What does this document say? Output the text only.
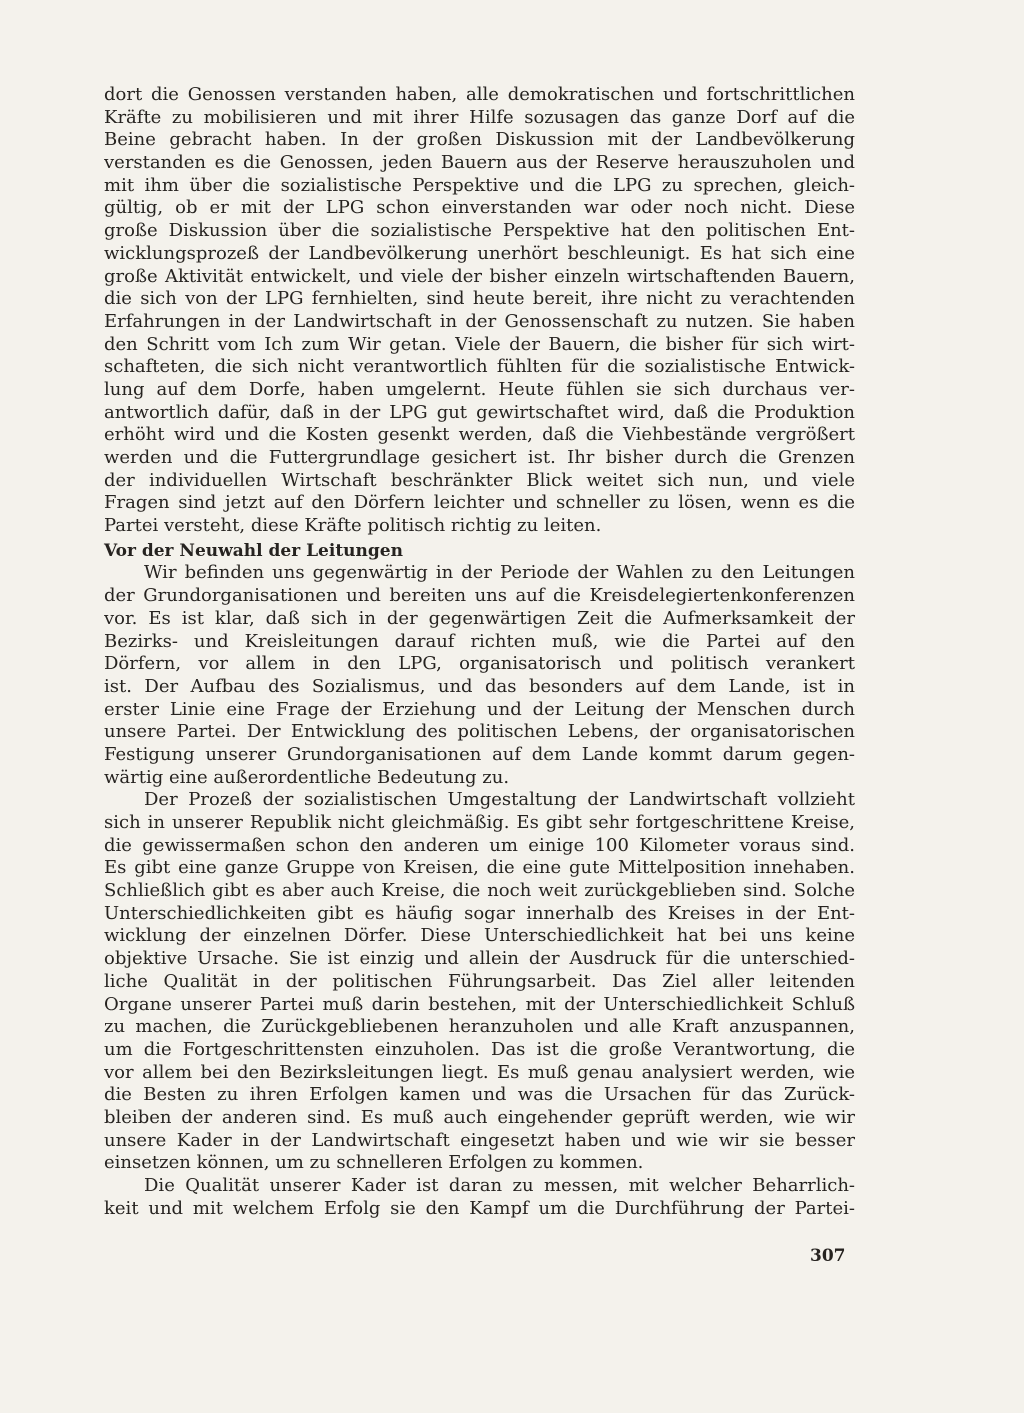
dort die Genossen verstanden haben, alle demokratischen und fortschrittlichen
Kräfte zu mobilisieren und mit ihrer Hilfe sozusagen das ganze Dorf auf die
Beine gebracht haben. In der großen Diskussion mit der Landbevölkerung
verstanden es die Genossen, jeden Bauern aus der Reserve herauszuholen und
mit ihm über die sozialistische Perspektive und die LPG zu sprechen, gleich-
gültig, ob er mit der LPG schon einverstanden war oder noch nicht. Diese
große Diskussion über die sozialistische Perspektive hat den politischen Ent-
wicklungsprozeß der Landbevölkerung unerhört beschleunigt. Es hat sich eine
große Aktivität entwickelt, und viele der bisher einzeln wirtschaftenden Bauern,
die sich von der LPG fernhielten, sind heute bereit, ihre nicht zu verachtenden
Erfahrungen in der Landwirtschaft in der Genossenschaft zu nutzen. Sie haben
den Schritt vom Ich zum Wir getan. Viele der Bauern, die bisher für sich wirt-
schafteten, die sich nicht verantwortlich fühlten für die sozialistische Entwick-
lung auf dem Dorfe, haben umgelernt. Heute fühlen sie sich durchaus ver-
antwortlich dafür, daß in der LPG gut gewirtschaftet wird, daß die Produktion
erhöht wird und die Kosten gesenkt werden, daß die Viehbestände vergrößert
werden und die Futtergrundlage gesichert ist. Ihr bisher durch die Grenzen
der individuellen Wirtschaft beschränkter Blick weitet sich nun, und viele
Fragen sind jetzt auf den Dörfern leichter und schneller zu lösen, wenn es die
Partei versteht, diese Kräfte politisch richtig zu leiten.
Vor der Neuwahl der Leitungen
Wir befinden uns gegenwärtig in der Periode der Wahlen zu den Leitungen
der Grundorganisationen und bereiten uns auf die Kreisdelegiertenkonferenzen
vor. Es ist klar, daß sich in der gegenwärtigen Zeit die Aufmerksamkeit der
Bezirks- und Kreisleitungen darauf richten muß, wie die Partei auf den
Dörfern, vor allem in den LPG, organisatorisch und politisch verankert
ist. Der Aufbau des Sozialismus, und das besonders auf dem Lande, ist in
erster Linie eine Frage der Erziehung und der Leitung der Menschen durch
unsere Partei. Der Entwicklung des politischen Lebens, der organisatorischen
Festigung unserer Grundorganisationen auf dem Lande kommt darum gegen-
wärtig eine außerordentliche Bedeutung zu.
Der Prozeß der sozialistischen Umgestaltung der Landwirtschaft vollzieht
sich in unserer Republik nicht gleichmäßig. Es gibt sehr fortgeschrittene Kreise,
die gewissermaßen schon den anderen um einige 100 Kilometer voraus sind.
Es gibt eine ganze Gruppe von Kreisen, die eine gute Mittelposition innehaben.
Schließlich gibt es aber auch Kreise, die noch weit zurückgeblieben sind. Solche
Unterschiedlichkeiten gibt es häufig sogar innerhalb des Kreises in der Ent-
wicklung der einzelnen Dörfer. Diese Unterschiedlichkeit hat bei uns keine
objektive Ursache. Sie ist einzig und allein der Ausdruck für die unterschied-
liche Qualität in der politischen Führungsarbeit. Das Ziel aller leitenden
Organe unserer Partei muß darin bestehen, mit der Unterschiedlichkeit Schluß
zu machen, die Zurückgebliebenen heranzuholen und alle Kraft anzuspannen,
um die Fortgeschrittensten einzuholen. Das ist die große Verantwortung, die
vor allem bei den Bezirksleitungen liegt. Es muß genau analysiert werden, wie
die Besten zu ihren Erfolgen kamen und was die Ursachen für das Zurück-
bleiben der anderen sind. Es muß auch eingehender geprüft werden, wie wir
unsere Kader in der Landwirtschaft eingesetzt haben und wie wir sie besser
einsetzen können, um zu schnelleren Erfolgen zu kommen.
Die Qualität unserer Kader ist daran zu messen, mit welcher Beharrlich-
keit und mit welchem Erfolg sie den Kampf um die Durchführung der Partei-
307
